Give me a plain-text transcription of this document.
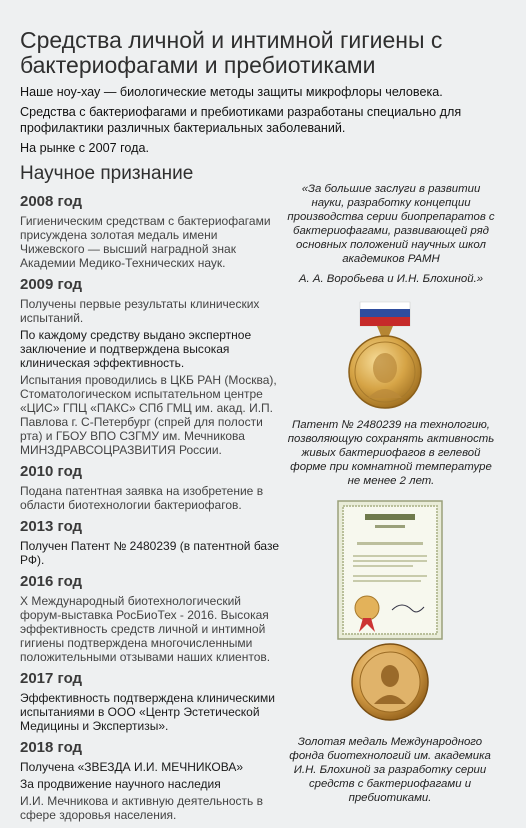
Средства личной и интимной гигиены с бактериофагами и пребиотиками

Наше ноу-хау — биологические методы защиты микрофлоры человека.

Средства с бактериофагами и пребиотиками разработаны специально для профилактики различных бактериальных заболеваний.

На рынке с 2007 года.

Научное признание
2008 год

Гигиеническим средствам с бактериофагами присуждена золотая медаль имени Чижевского — высший наградной знак Академии Медико-Технических наук.

2009 год

Получены первые результаты клинических испытаний.

По каждому средству выдано экспертное заключение и подтверждена высокая клиническая эффективность.

Испытания проводились в ЦКБ РАН (Москва), Стоматологическом испытательном центре «ЦИС» ГПЦ «ПАКС» СПб ГМЦ им. акад. И.П. Павлова г. С-Петербург (спрей для полости рта) и ГБОУ ВПО СЗГМУ им. Мечникова МИНЗДРАВСОЦРАЗВИТИЯ России.

2010 год

Подана патентная заявка на изобретение в области биотехнологии бактериофагов.

2013 год

Получен Патент № 2480239 (в патентной базе РФ).

2016 год

X Международный биотехнологический форум-выставка РосБиоТех - 2016. Высокая эффективность средств личной и интимной гигиены подтверждена многочисленными положительными отзывами наших клиентов.

2017 год

Эффективность подтверждена клиническими испытаниями в ООО «Центр Эстетической Медицины и Экспертизы».

2018 год

Получена «ЗВЕЗДА И.И. МЕЧНИКОВА»

За продвижение научного наследия

И.И. Мечникова и активную деятельность в сфере здоровья населения.

«За большие заслуги в развитии науки, разработку концепции производства серии биопрепаратов с бактериофагами, развивающей ряд основных положений научных школ академиков РАМН
А. А. Воробьева и И.Н. Блохиной.»
Патент № 2480239 на технологию, позволяющую сохранять активность живых бактериофагов в гелевой форме при комнатной температуре не менее 2 лет.
Золотая медаль Международного фонда биотехнологий им. академика И.Н. Блохиной за разработку серии средств с бактериофагами и пребиотиками.
